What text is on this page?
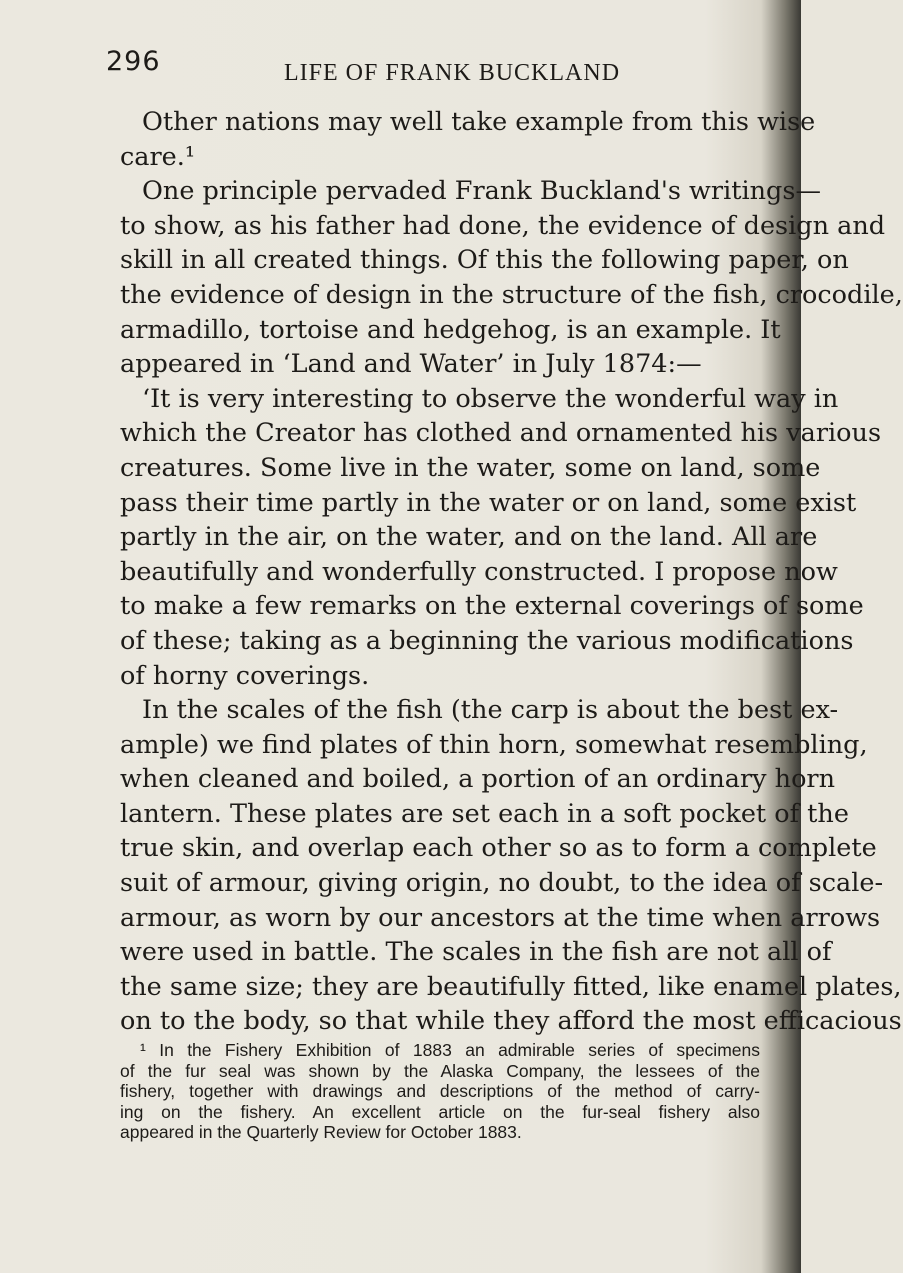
296	LIFE OF FRANK BUCKLAND
Other nations may well take example from this wise
care.¹
One principle pervaded Frank Buckland's writings—
to show, as his father had done, the evidence of design and
skill in all created things. Of this the following paper, on
the evidence of design in the structure of the fish, crocodile,
armadillo, tortoise and hedgehog, is an example. It
appeared in ‘Land and Water’ in July 1874:—
‘It is very interesting to observe the wonderful way in
which the Creator has clothed and ornamented his various
creatures. Some live in the water, some on land, some
pass their time partly in the water or on land, some exist
partly in the air, on the water, and on the land. All are
beautifully and wonderfully constructed. I propose now
to make a few remarks on the external coverings of some
of these; taking as a beginning the various modifications
of horny coverings.
In the scales of the fish (the carp is about the best ex-
ample) we find plates of thin horn, somewhat resembling,
when cleaned and boiled, a portion of an ordinary horn
lantern. These plates are set each in a soft pocket of the
true skin, and overlap each other so as to form a complete
suit of armour, giving origin, no doubt, to the idea of scale-
armour, as worn by our ancestors at the time when arrows
were used in battle. The scales in the fish are not all of
the same size; they are beautifully fitted, like enamel plates,
on to the body, so that while they afford the most efficacious
¹ In the Fishery Exhibition of 1883 an admirable series of specimens
of the fur seal was shown by the Alaska Company, the lessees of the
fishery, together with drawings and descriptions of the method of carry-
ing on the fishery. An excellent article on the fur-seal fishery also
appeared in the Quarterly Review for October 1883.
